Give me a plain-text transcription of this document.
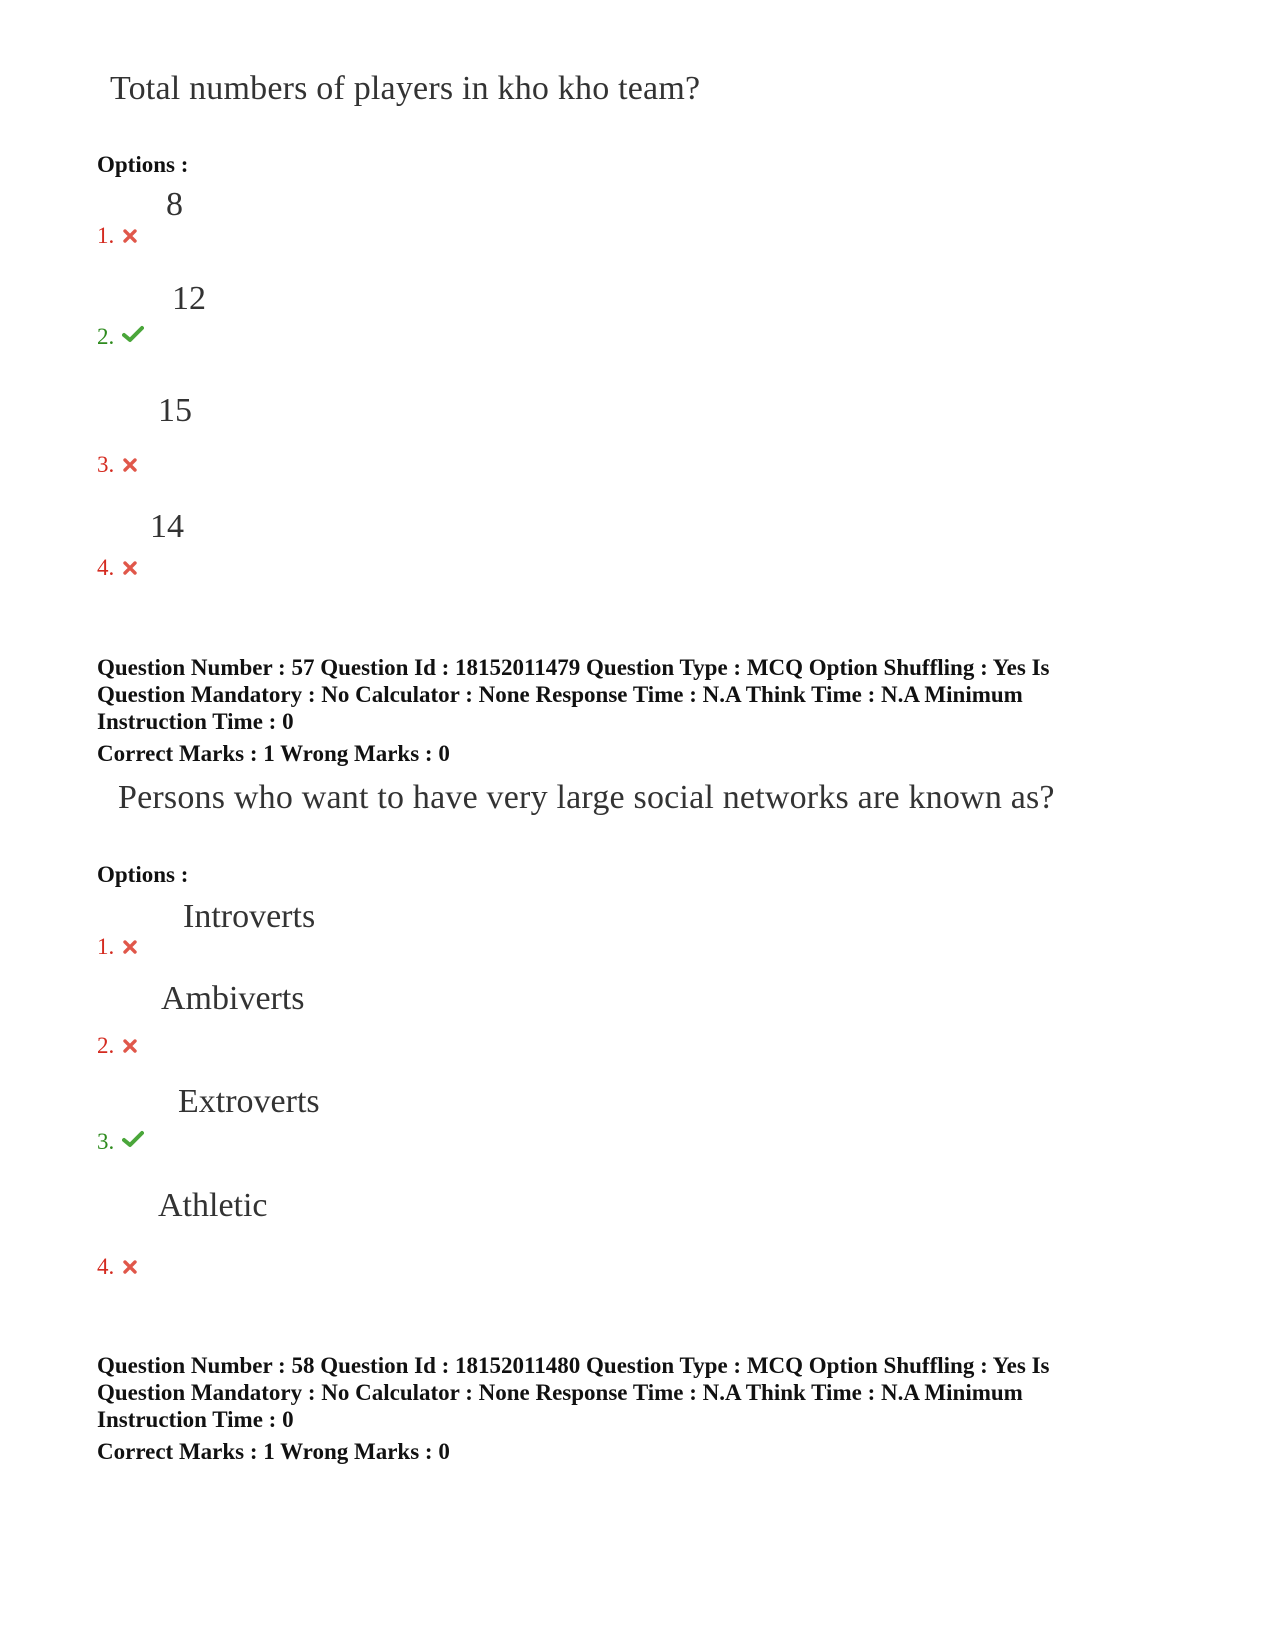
Total numbers of players in kho kho team?
Options :
1.
8
2.
12
3.
15
4.
14
Question Number : 57 Question Id : 18152011479 Question Type : MCQ Option Shuffling : Yes Is
Question Mandatory : No Calculator : None Response Time : N.A Think Time : N.A Minimum
Instruction Time : 0
Correct Marks : 1 Wrong Marks : 0
Persons who want to have very large social networks are known as?
Options :
1.
Introverts
2.
Ambiverts
3.
Extroverts
4.
Athletic
Question Number : 58 Question Id : 18152011480 Question Type : MCQ Option Shuffling : Yes Is
Question Mandatory : No Calculator : None Response Time : N.A Think Time : N.A Minimum
Instruction Time : 0
Correct Marks : 1 Wrong Marks : 0
